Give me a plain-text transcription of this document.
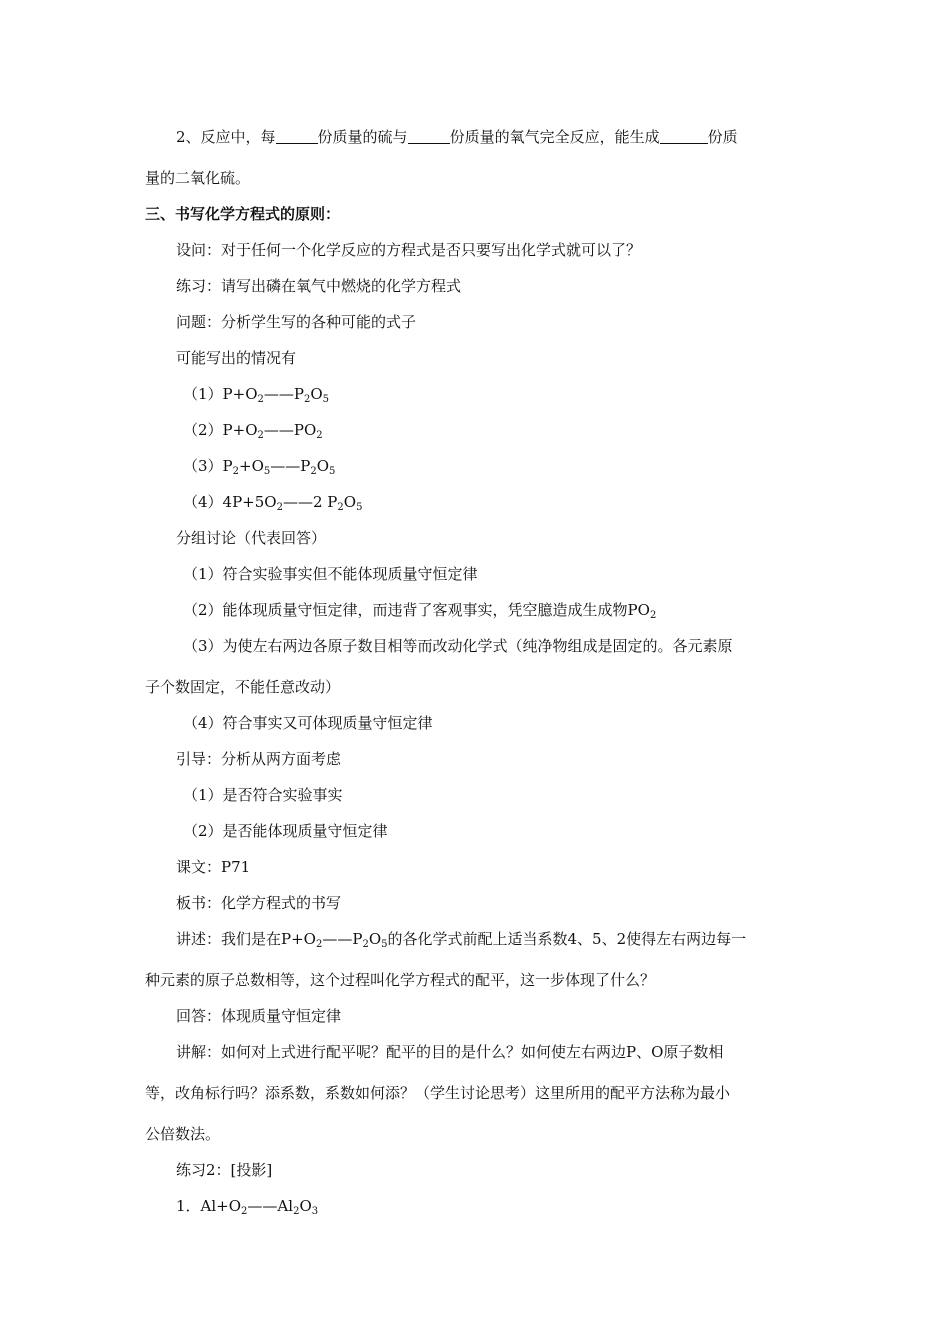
2、反应中，每	份质量的硫与	份质量的氧气完全反应，能生成	份质
量的二氧化硫。
三、书写化学方程式的原则：
设问：对于任何一个化学反应的方程式是否只要写出化学式就可以了？
练习：请写出磷在氧气中燃烧的化学方程式
问题：分析学生写的各种可能的式子
可能写出的情况有
$(1)P+O_2——P_2O_5$
$(2)P+O_2——PO_2$
$(3)P_2+O_5——P_2O_5$
$(4)4P+5O_2——2$ $P_2O_5$
分组讨论（代表回答）
（1）符合实验事实但不能体现质量守恒定律
（2）能体现质量守恒定律，而违背了客观事实，凭空臆造成生成物$PO_2$
（3）为使左右两边各原子数目相等而改动化学式（纯净物组成是固定的。各元素原
子个数固定，不能任意改动）
（4）符合事实又可体现质量守恒定律
引导：分析从两方面考虑
（1）是否符合实验事实
（2）是否能体现质量守恒定律
课文：P71
板书：化学方程式的书写
讲述：我们是在$P+O_2——P_2O_5$的各化学式前配上适当系数4、5、2使得左右两边每一
种元素的原子总数相等，这个过程叫化学方程式的配平，这一步体现了什么？
回答：体现质量守恒定律
讲解：如何对上式进行配平呢？配平的目的是什么？如何使左右两边P、O原子数相
等，改角标行吗？添系数，系数如何添？（学生讨论思考）这里所用的配平方法称为最小
公倍数法。
练习2：[投影]
1．$Al+O_2——Al_2O_3$
